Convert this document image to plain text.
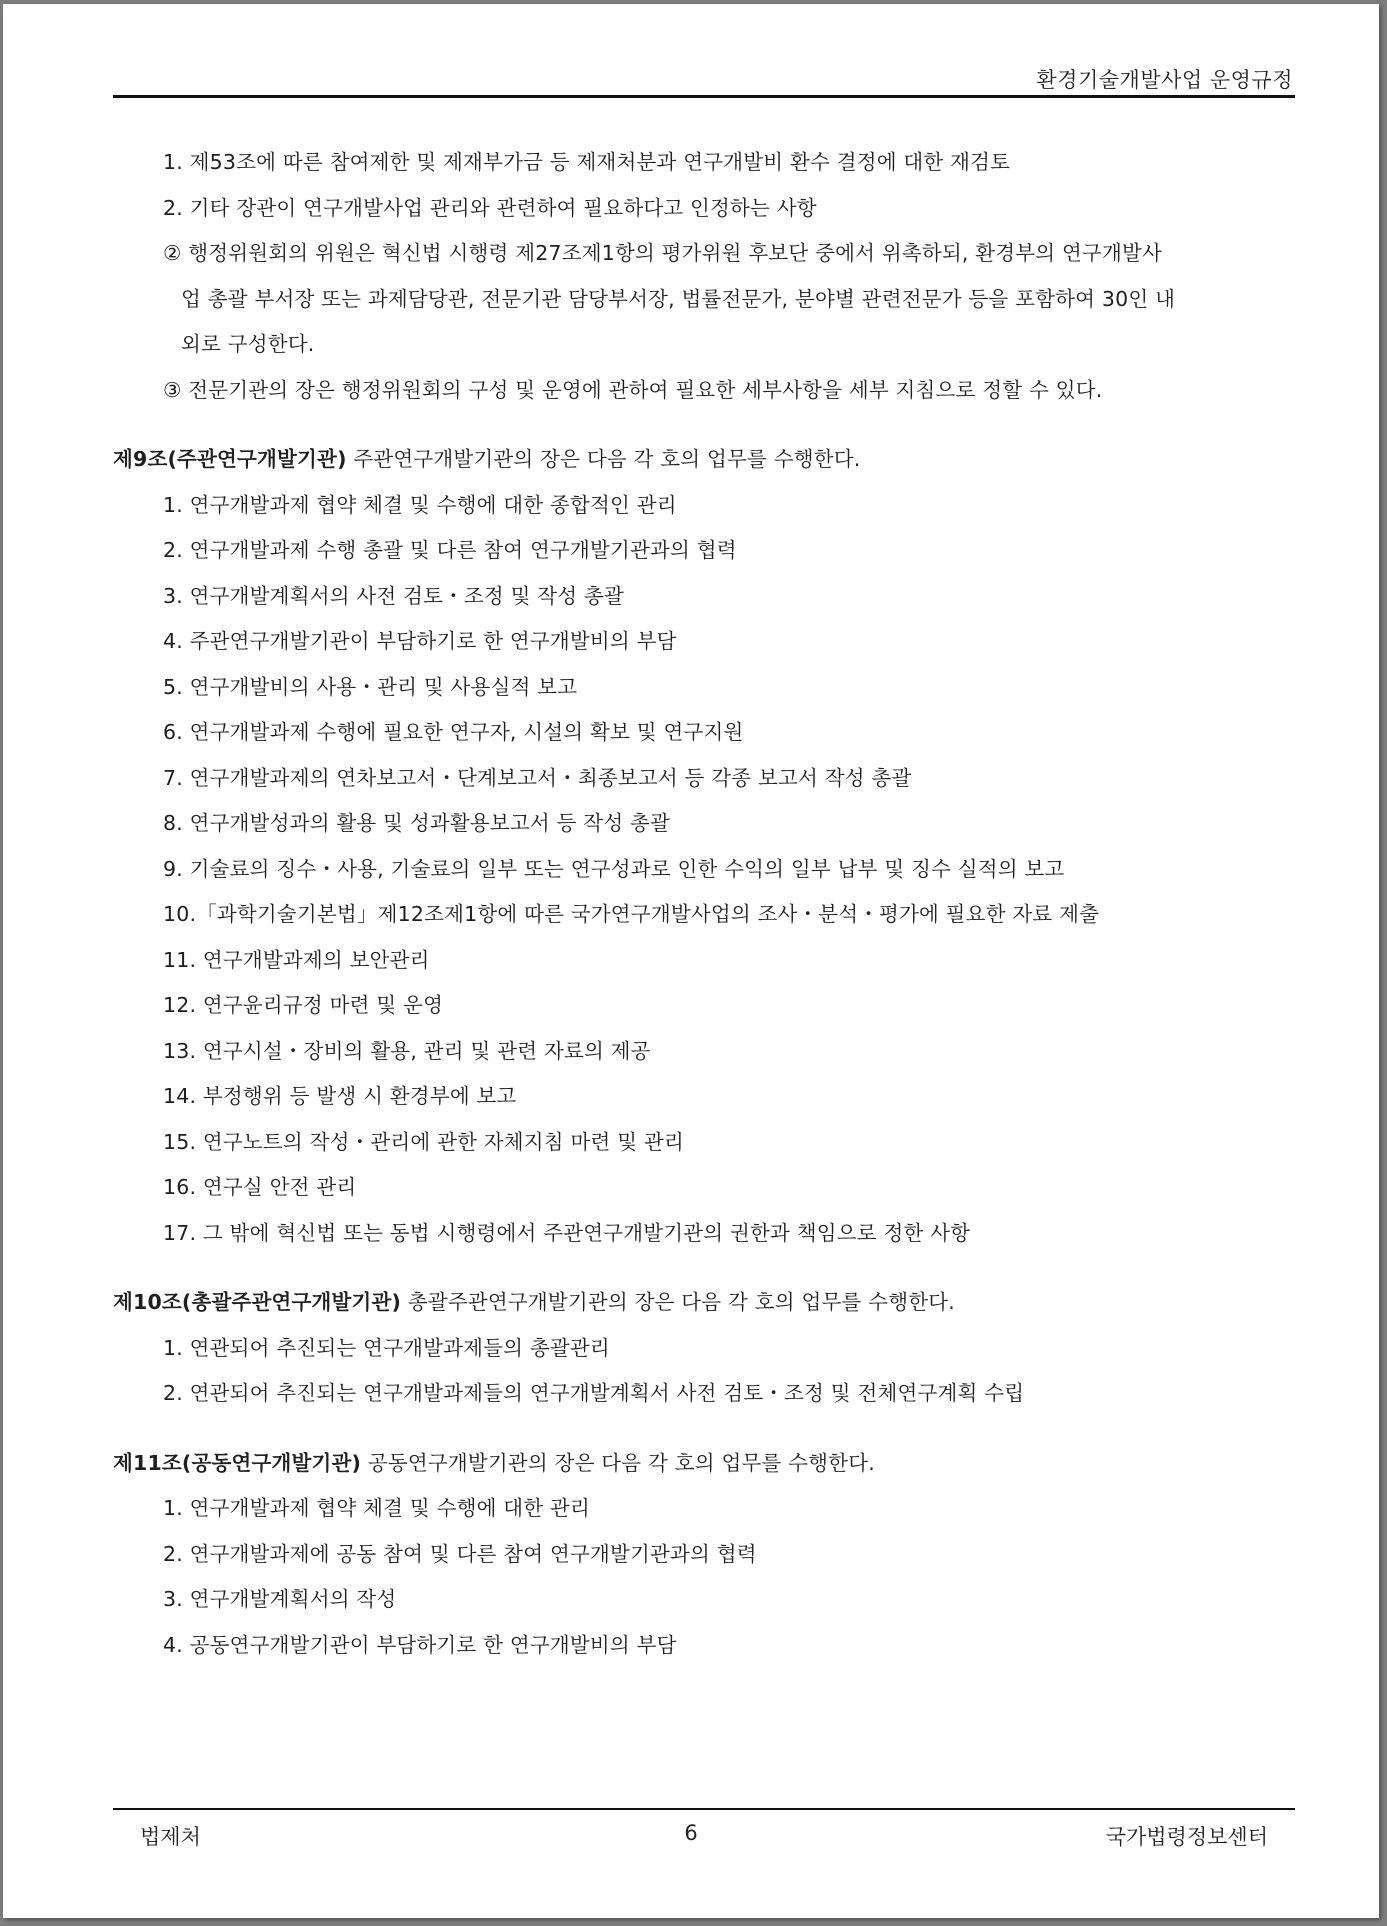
환경기술개발사업 운영규정
1. 제53조에 따른 참여제한 및 제재부가금 등 제재처분과 연구개발비 환수 결정에 대한 재검토
2. 기타 장관이 연구개발사업 관리와 관련하여 필요하다고 인정하는 사항
② 행정위원회의 위원은 혁신법 시행령 제27조제1항의 평가위원 후보단 중에서 위촉하되, 환경부의 연구개발사
업 총괄 부서장 또는 과제담당관, 전문기관 담당부서장, 법률전문가, 분야별 관련전문가 등을 포함하여 30인 내
외로 구성한다.
③ 전문기관의 장은 행정위원회의 구성 및 운영에 관하여 필요한 세부사항을 세부 지침으로 정할 수 있다.
제9조(주관연구개발기관) 주관연구개발기관의 장은 다음 각 호의 업무를 수행한다.
1. 연구개발과제 협약 체결 및 수행에 대한 종합적인 관리
2. 연구개발과제 수행 총괄 및 다른 참여 연구개발기관과의 협력
3. 연구개발계획서의 사전 검토・조정 및 작성 총괄
4. 주관연구개발기관이 부담하기로 한 연구개발비의 부담
5. 연구개발비의 사용・관리 및 사용실적 보고
6. 연구개발과제 수행에 필요한 연구자, 시설의 확보 및 연구지원
7. 연구개발과제의 연차보고서・단계보고서・최종보고서 등 각종 보고서 작성 총괄
8. 연구개발성과의 활용 및 성과활용보고서 등 작성 총괄
9. 기술료의 징수・사용, 기술료의 일부 또는 연구성과로 인한 수익의 일부 납부 및 징수 실적의 보고
10.「과학기술기본법」제12조제1항에 따른 국가연구개발사업의 조사・분석・평가에 필요한 자료 제출
11. 연구개발과제의 보안관리
12. 연구윤리규정 마련 및 운영
13. 연구시설・장비의 활용, 관리 및 관련 자료의 제공
14. 부정행위 등 발생 시 환경부에 보고
15. 연구노트의 작성・관리에 관한 자체지침 마련 및 관리
16. 연구실 안전 관리
17. 그 밖에 혁신법 또는 동법 시행령에서 주관연구개발기관의 권한과 책임으로 정한 사항
제10조(총괄주관연구개발기관) 총괄주관연구개발기관의 장은 다음 각 호의 업무를 수행한다.
1. 연관되어 추진되는 연구개발과제들의 총괄관리
2. 연관되어 추진되는 연구개발과제들의 연구개발계획서 사전 검토・조정 및 전체연구계획 수립
제11조(공동연구개발기관) 공동연구개발기관의 장은 다음 각 호의 업무를 수행한다.
1. 연구개발과제 협약 체결 및 수행에 대한 관리
2. 연구개발과제에 공동 참여 및 다른 참여 연구개발기관과의 협력
3. 연구개발계획서의 작성
4. 공동연구개발기관이 부담하기로 한 연구개발비의 부담
법제처	6	국가법령정보센터
